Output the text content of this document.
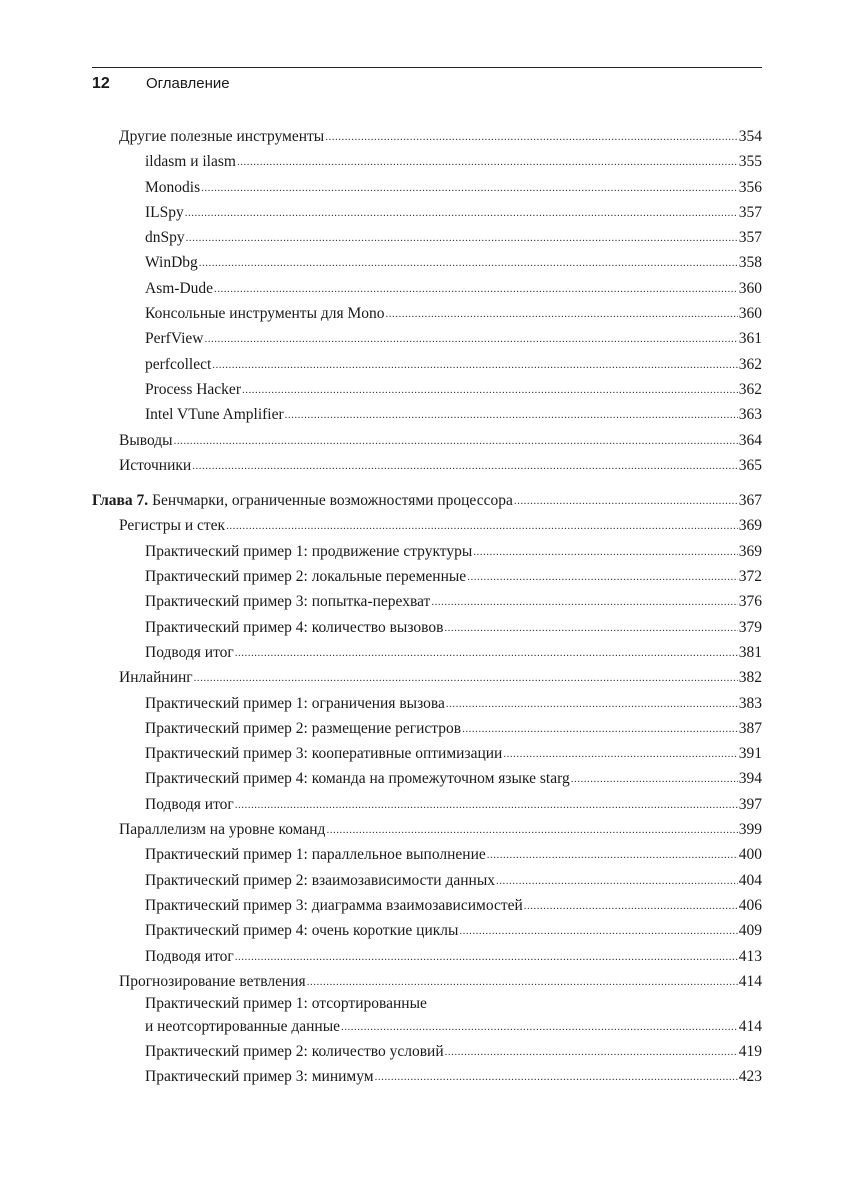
12 Оглавление
Другие полезные инструменты .....	354
ildasm и ilasm .....	355
Monodis .....	356
ILSpy .....	357
dnSpy .....	357
WinDbg .....	358
Asm-Dude .....	360
Консольные инструменты для Mono .....	360
PerfView .....	361
perfcollect .....	362
Process Hacker .....	362
Intel VTune Amplifier .....	363
Выводы .....	364
Источники .....	365
Глава 7. Бенчмарки, ограниченные возможностями процессора .....	367
Регистры и стек .....	369
Практический пример 1: продвижение структуры .....	369
Практический пример 2: локальные переменные .....	372
Практический пример 3: попытка-перехват .....	376
Практический пример 4: количество вызовов .....	379
Подводя итог .....	381
Инлайнинг .....	382
Практический пример 1: ограничения вызова .....	383
Практический пример 2: размещение регистров .....	387
Практический пример 3: кооперативные оптимизации .....	391
Практический пример 4: команда на промежуточном языке starg .....	394
Подводя итог .....	397
Параллелизм на уровне команд .....	399
Практический пример 1: параллельное выполнение .....	400
Практический пример 2: взаимозависимости данных .....	404
Практический пример 3: диаграмма взаимозависимостей .....	406
Практический пример 4: очень короткие циклы .....	409
Подводя итог .....	413
Прогнозирование ветвления .....	414
Практический пример 1: отсортированные
и неотсортированные данные .....	414
Практический пример 2: количество условий .....	419
Практический пример 3: минимум .....	423
